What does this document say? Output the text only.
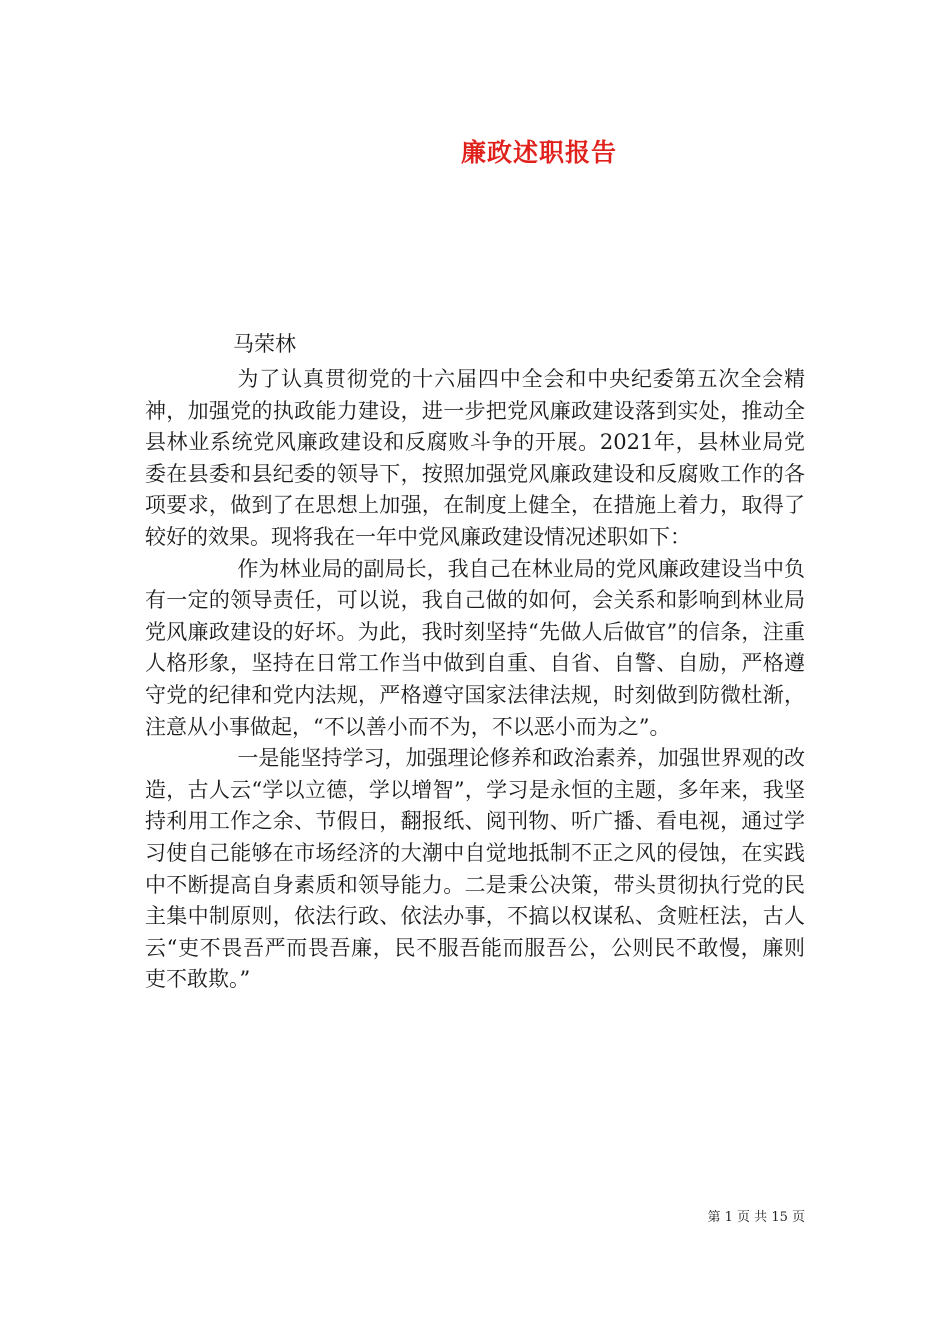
廉政述职报告
马荣林

为了认真贯彻党的十六届四中全会和中央纪委第五次全会精神，加强党的执政能力建设，进一步把党风廉政建设落到实处，推动全县林业系统党风廉政建设和反腐败斗争的开展。2021年，县林业局党委在县委和县纪委的领导下，按照加强党风廉政建设和反腐败工作的各项要求，做到了在思想上加强，在制度上健全，在措施上着力，取得了较好的效果。现将我在一年中党风廉政建设情况述职如下：

作为林业局的副局长，我自己在林业局的党风廉政建设当中负有一定的领导责任，可以说，我自己做的如何，会关系和影响到林业局党风廉政建设的好坏。为此，我时刻坚持“先做人后做官”的信条，注重人格形象，坚持在日常工作当中做到自重、自省、自警、自励，严格遵守党的纪律和党内法规，严格遵守国家法律法规，时刻做到防微杜渐，注意从小事做起，“不以善小而不为，不以恶小而为之”。

一是能坚持学习，加强理论修养和政治素养，加强世界观的改造，古人云“学以立德，学以增智”，学习是永恒的主题，多年来，我坚持利用工作之余、节假日，翻报纸、阅刊物、听广播、看电视，通过学习使自己能够在市场经济的大潮中自觉地抵制不正之风的侵蚀，在实践中不断提高自身素质和领导能力。二是秉公决策，带头贯彻执行党的民主集中制原则，依法行政、依法办事，不搞以权谋私、贪赃枉法，古人云“吏不畏吾严而畏吾廉，民不服吾能而服吾公，公则民不敢慢，廉则吏不敢欺。”

第 1 页 共 15 页
